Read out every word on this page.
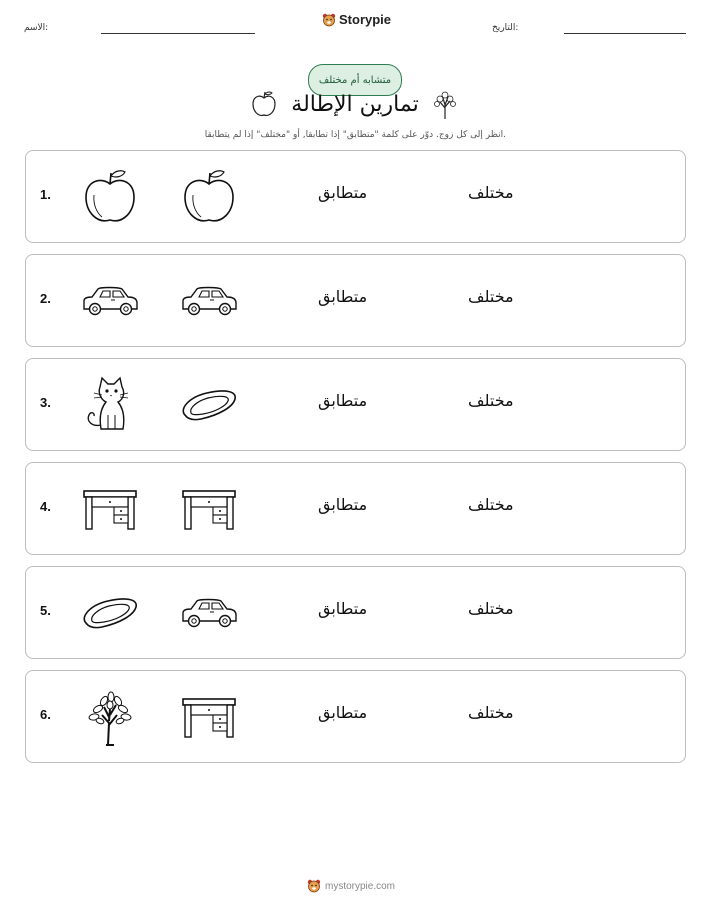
الاسم:
Storypie
التاريخ:
متشابه أم مختلف
تمارين الإطالة
انظر إلى كل زوج. دوّر على كلمة "متطابق" إذا تطابقا, أو "مختلف" إذا لم يتطابقا.
1.	متطابق	مختلف
2.	متطابق	مختلف
3.	متطابق	مختلف
4.	متطابق	مختلف
5.	متطابق	مختلف
6.	متطابق	مختلف
mystorypie.com
